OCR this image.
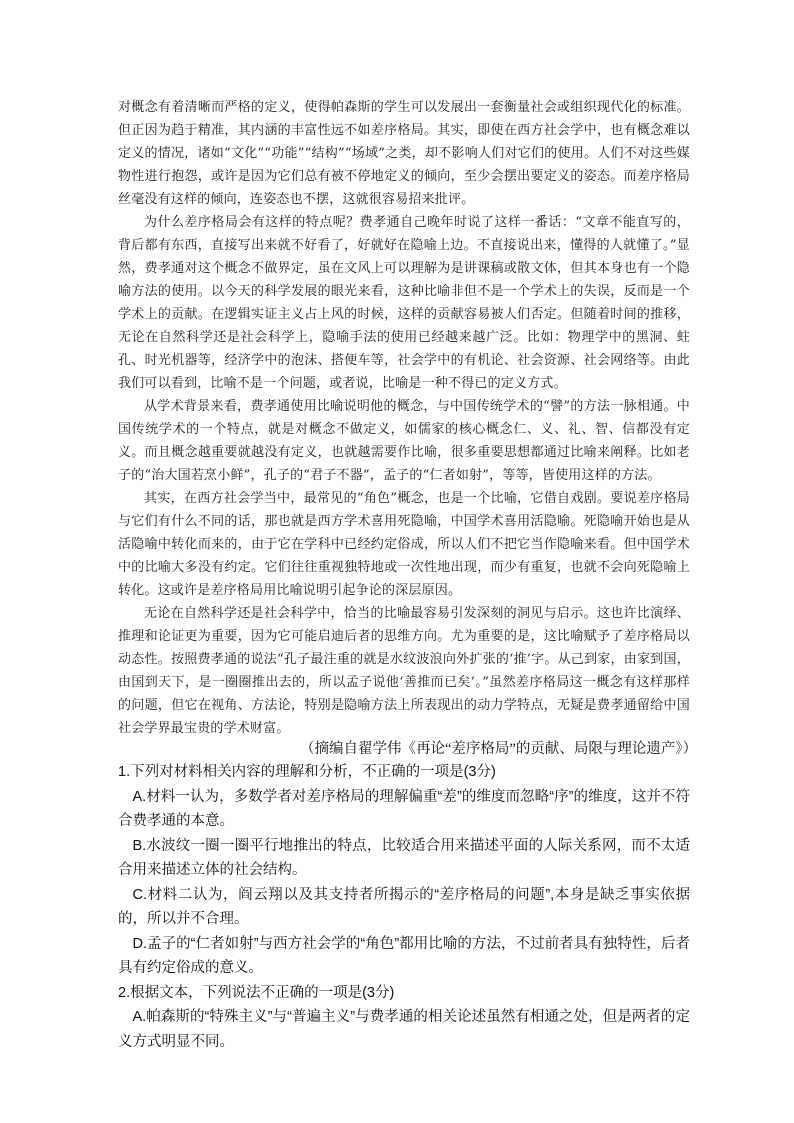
对概念有着清晰而严格的定义，使得帕森斯的学生可以发展出一套衡量社会或组织现代化的标准。但正因为趋于精准，其内涵的丰富性远不如差序格局。其实，即使在西方社会学中，也有概念难以定义的情况，诸如“文化”“功能”“结构”“场域”之类，却不影响人们对它们的使用。人们不对这些媒物性进行抱怨，或许是因为它们总有被不停地定义的倾向，至少会摆出要定义的姿态。而差序格局丝毫没有这样的倾向，连姿态也不摆，这就很容易招来批评。

为什么差序格局会有这样的特点呢？费孝通自己晚年时说了这样一番话：“文章不能直写的，背后都有东西，直接写出来就不好看了，好就好在隐喻上边。不直接说出来，懂得的人就懂了。”显然，费孝通对这个概念不做界定，虽在文风上可以理解为是讲课稿或散文体，但其本身也有一个隐喻方法的使用。以今天的科学发展的眼光来看，这种比喻非但不是一个学术上的失误，反而是一个学术上的贡献。在逻辑实证主义占上风的时候，这样的贡献容易被人们否定。但随着时间的推移，无论在自然科学还是社会科学上，隐喻手法的使用已经越来越广泛。比如：物理学中的黑洞、蛀孔、时光机器等，经济学中的泡沫、搭便车等，社会学中的有机论、社会资源、社会网络等。由此我们可以看到，比喻不是一个问题，或者说，比喻是一种不得已的定义方式。

从学术背景来看，费孝通使用比喻说明他的概念，与中国传统学术的“譬”的方法一脉相通。中国传统学术的一个特点，就是对概念不做定义，如儒家的核心概念仁、义、礼、智、信都没有定义。而且概念越重要就越没有定义，也就越需要作比喻，很多重要思想都通过比喻来阐释。比如老子的“治大国若烹小鲜”，孔子的“君子不器”，孟子的“仁者如射”，等等，皆使用这样的方法。

其实，在西方社会学当中，最常见的“角色”概念，也是一个比喻，它借自戏剧。要说差序格局与它们有什么不同的话，那也就是西方学术喜用死隐喻，中国学术喜用活隐喻。死隐喻开始也是从活隐喻中转化而来的，由于它在学科中已经约定俗成，所以人们不把它当作隐喻来看。但中国学术中的比喻大多没有约定。它们往往重视独特地或一次性地出现，而少有重复，也就不会向死隐喻上转化。这或许是差序格局用比喻说明引起争论的深层原因。

无论在自然科学还是社会科学中，恰当的比喻最容易引发深刻的洞见与启示。这也许比演绎、推理和论证更为重要，因为它可能启迪后者的思维方向。尤为重要的是，这比喻赋予了差序格局以动态性。按照费孝通的说法“孔子最注重的就是水纹波浪向外扩张的‘推’字。从己到家，由家到国，由国到天下，是一圈圈推出去的，所以孟子说他‘善推而已矣’。”虽然差序格局这一概念有这样那样的问题，但它在视角、方法论，特别是隐喻方法上所表现出的动力学特点，无疑是费孝通留给中国社会学界最宝贵的学术财富。

（摘编自翟学伟《再论“差序格局”的贡献、局限与理论遗产》）

1.下列对材料相关内容的理解和分析，不正确的一项是(3分)

A.材料一认为，多数学者对差序格局的理解偏重“差”的维度而忽略“序”的维度，这并不符合费孝通的本意。

B.水波纹一圈一圈平行地推出的特点，比较适合用来描述平面的人际关系网，而不太适合用来描述立体的社会结构。

C.材料二认为，阎云翔以及其支持者所揭示的“差序格局的问题”,本身是缺乏事实依据的，所以并不合理。

D.孟子的“仁者如射”与西方社会学的“角色”都用比喻的方法，不过前者具有独特性，后者具有约定俗成的意义。

2.根据文本，下列说法不正确的一项是(3分)

A.帕森斯的“特殊主义”与“普遍主义”与费孝通的相关论述虽然有相通之处，但是两者的定义方式明显不同。
